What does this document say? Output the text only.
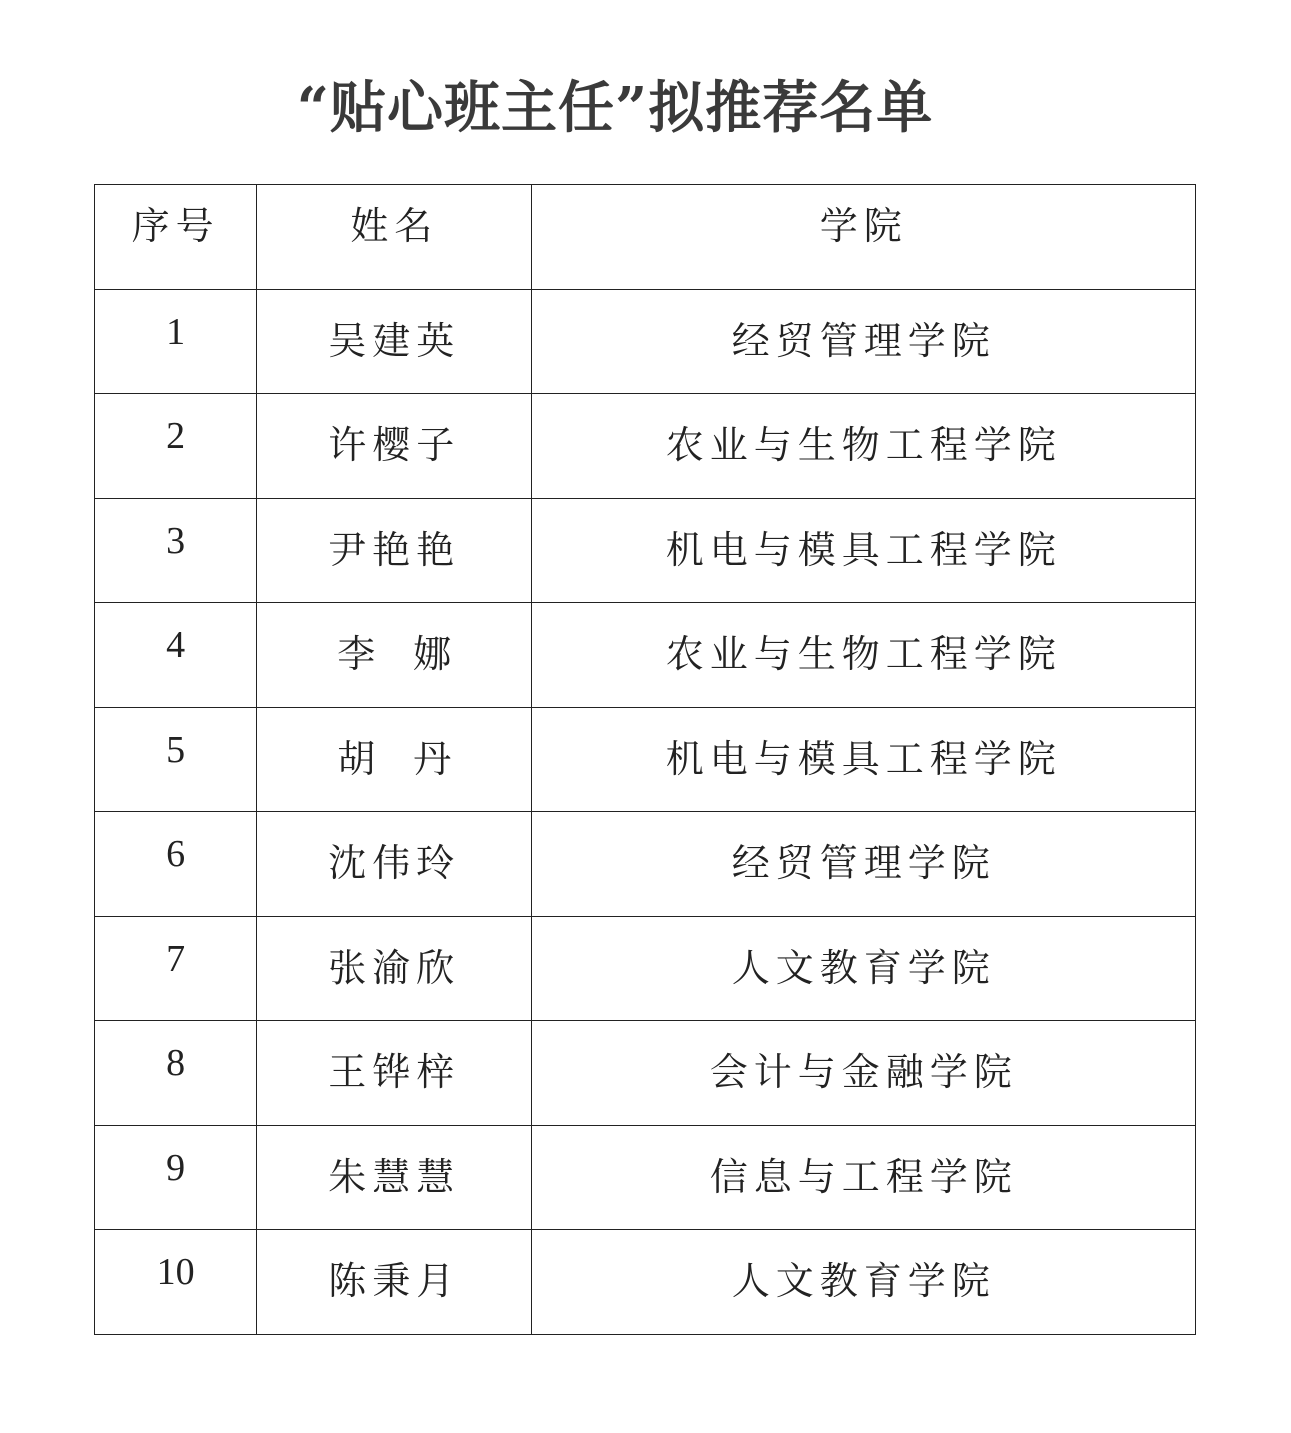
“贴心班主任”拟推荐名单
序号	姓名	学院

1	吴建英	经贸管理学院

2	许樱子	农业与生物工程学院

3	尹艳艳	机电与模具工程学院

4	李　娜	农业与生物工程学院

5	胡　丹	机电与模具工程学院

6	沈伟玲	经贸管理学院

7	张渝欣	人文教育学院

8	王铧梓	会计与金融学院

9	朱慧慧	信息与工程学院

10	陈秉月	人文教育学院
